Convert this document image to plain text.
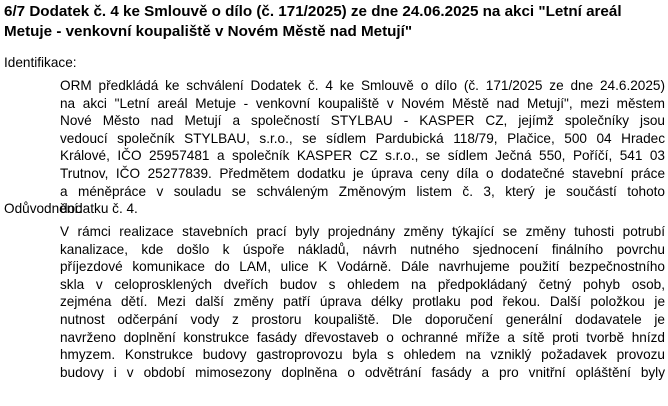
6/7 Dodatek č. 4 ke Smlouvě o dílo (č. 171/2025) ze dne 24.06.2025 na akci "Letní areál
Metuje - venkovní koupaliště v Novém Městě nad Metují"

Identifikace:

ORM předkládá ke schválení Dodatek č. 4 ke Smlouvě o dílo (č. 171/2025 ze dne 24.6.2025)
na akci "Letní areál Metuje - venkovní koupaliště v Novém Městě nad Metují", mezi městem
Nové Město nad Metují a společností STYLBAU - KASPER CZ, jejímž společníky jsou
vedoucí společník STYLBAU, s.r.o., se sídlem Pardubická 118/79, Plačice, 500 04 Hradec
Králové, IČO 25957481 a společník KASPER CZ s.r.o., se sídlem Ječná 550, Poříčí, 541 03
Trutnov, IČO 25277839. Předmětem dodatku je úprava ceny díla o dodatečné stavební práce
a méněpráce v souladu se schváleným Změnovým listem č. 3, který je součástí tohoto
dodatku č. 4.

Odůvodnění:

V rámci realizace stavebních prací byly projednány změny týkající se změny tuhosti potrubí
kanalizace, kde došlo k úspoře nákladů, návrh nutného sjednocení finálního povrchu
příjezdové komunikace do LAM, ulice K Vodárně. Dále navrhujeme použití bezpečnostního
skla v celoprosklených dveřích budov s ohledem na předpokládaný četný pohyb osob,
zejména dětí. Mezi další změny patří úprava délky protlaku pod řekou. Další položkou je
nutnost odčerpání vody z prostoru koupaliště. Dle doporučení generální dodavatele je
navrženo doplnění konstrukce fasády dřevostaveb o ochranné mříže a sítě proti tvorbě hnízd
hmyzem. Konstrukce budovy gastroprovozu byla s ohledem na vzniklý požadavek provozu
budovy i v období mimosezony doplněna o odvětrání fasády a pro vnitřní opláštění byly
